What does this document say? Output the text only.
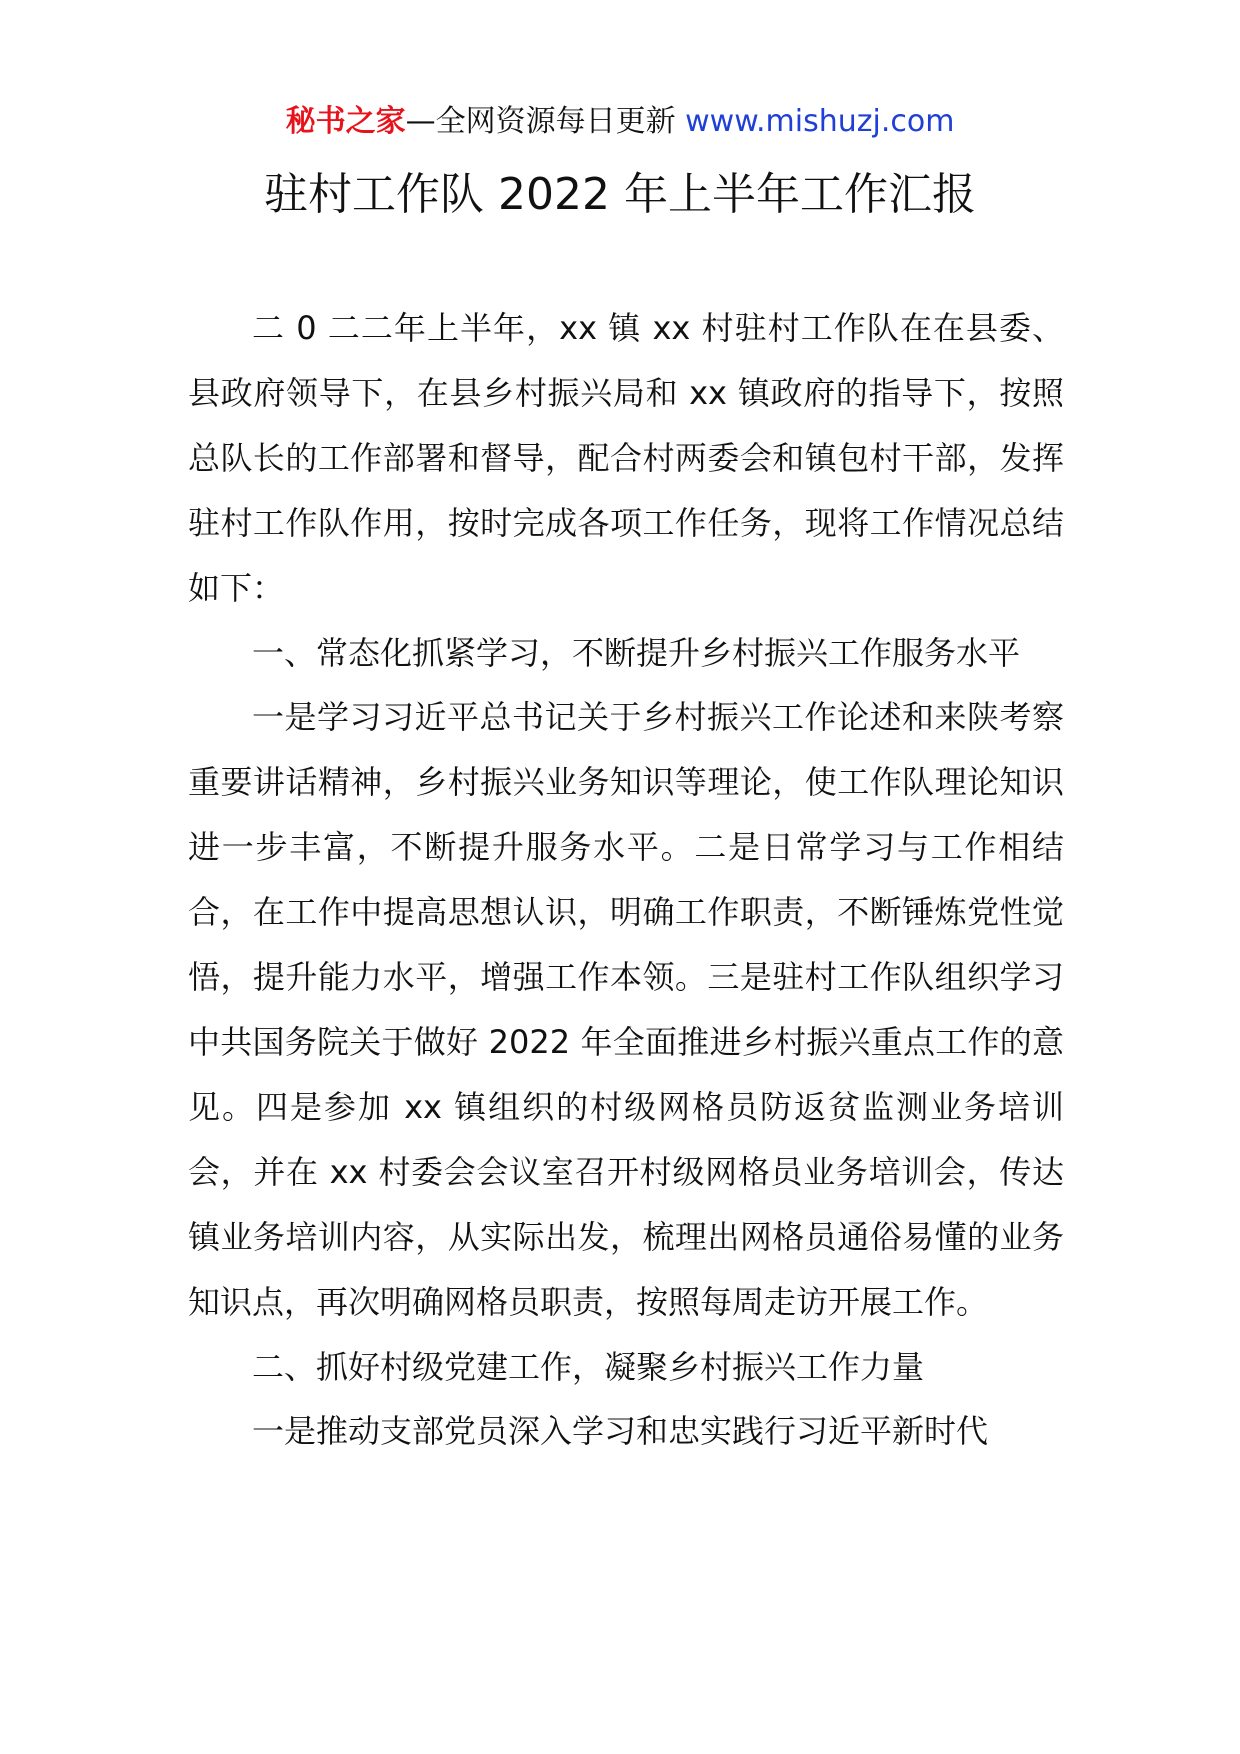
秘书之家—全网资源每日更新 www.mishuzj.com
驻村工作队 2022 年上半年工作汇报

二 0 二二年上半年，xx 镇 xx 村驻村工作队在在县委、县政府领导下，在县乡村振兴局和 xx 镇政府的指导下，按照总队长的工作部署和督导，配合村两委会和镇包村干部，发挥驻村工作队作用，按时完成各项工作任务，现将工作情况总结如下：

一、常态化抓紧学习，不断提升乡村振兴工作服务水平

一是学习习近平总书记关于乡村振兴工作论述和来陕考察重要讲话精神，乡村振兴业务知识等理论，使工作队理论知识进一步丰富，不断提升服务水平。二是日常学习与工作相结合，在工作中提高思想认识，明确工作职责，不断锤炼党性觉悟，提升能力水平，增强工作本领。三是驻村工作队组织学习中共国务院关于做好 2022 年全面推进乡村振兴重点工作的意见。四是参加 xx 镇组织的村级网格员防返贫监测业务培训会，并在 xx 村委会会议室召开村级网格员业务培训会，传达镇业务培训内容，从实际出发，梳理出网格员通俗易懂的业务知识点，再次明确网格员职责，按照每周走访开展工作。

二、抓好村级党建工作，凝聚乡村振兴工作力量

一是推动支部党员深入学习和忠实践行习近平新时代
